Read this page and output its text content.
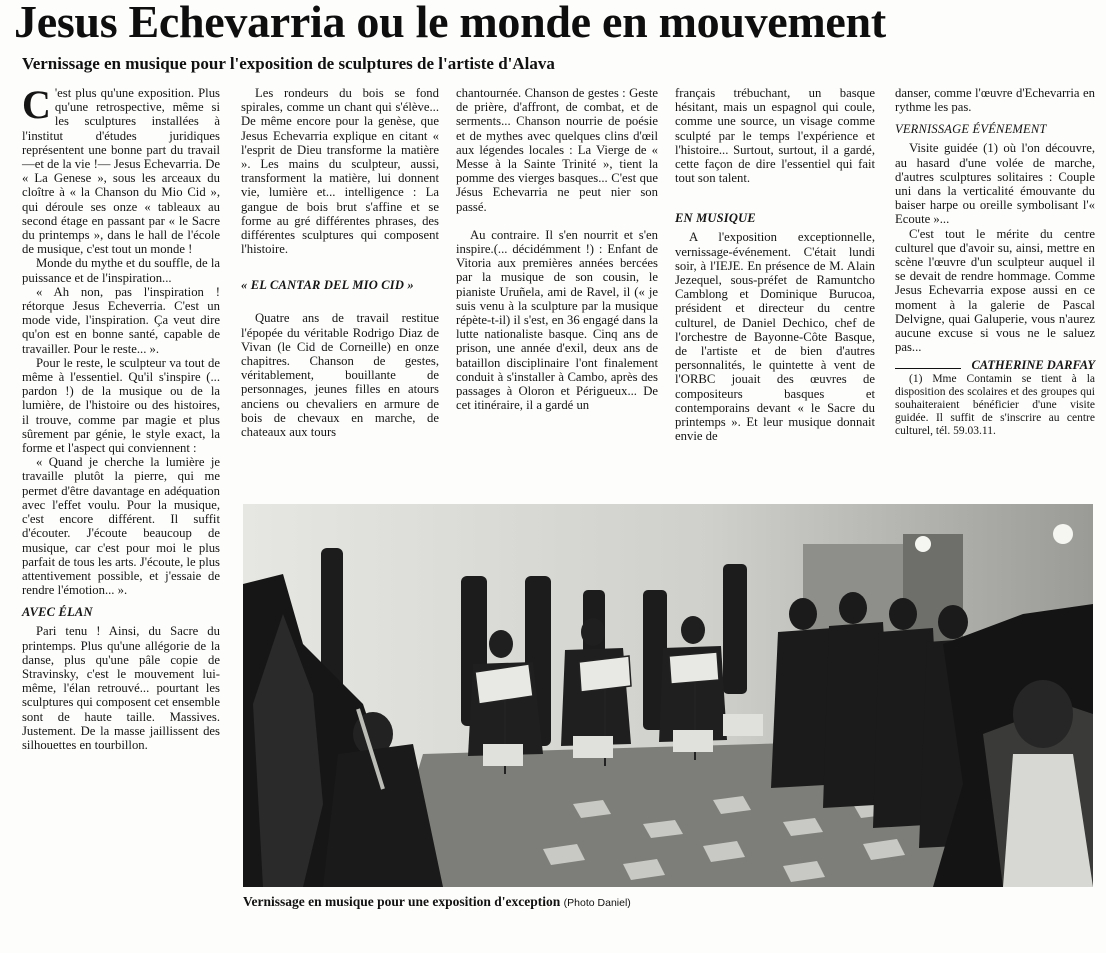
Jesus Echevarria ou le monde en mouvement
Vernissage en musique pour l'exposition de sculptures de l'artiste d'Alava

C 'est plus qu'une exposition. Plus qu'une retrospective, même si les sculptures installées à l'institut d'études juridiques représentent une bonne part du travail —et de la vie !— Jesus Echevarria. De « La Genese », sous les arceaux du cloître à « la Chanson du Mio Cid », qui déroule ses onze « tableaux au second étage en passant par « le Sacre du printemps », dans le hall de l'école de musique, c'est tout un monde !

Monde du mythe et du souffle, de la puissance et de l'inspiration...

« Ah non, pas l'inspiration ! rétorque Jesus Echeverria. C'est un mode vide, l'inspiration. Ça veut dire qu'on est en bonne santé, capable de travailler. Pour le reste... ».

Pour le reste, le sculpteur va tout de même à l'essentiel. Qu'il s'inspire (... pardon !) de la musique ou de la lumière, de l'histoire ou des histoires, il trouve, comme par magie et plus sûrement par génie, le style exact, la forme et l'aspect qui conviennent :

« Quand je cherche la lumière je travaille plutôt la pierre, qui me permet d'être davantage en adéquation avec l'effet voulu. Pour la musique, c'est encore différent. Il suffit d'écouter. J'écoute beaucoup de musique, car c'est pour moi le plus parfait de tous les arts. J'écoute, le plus attentivement possible, et j'essaie de rendre l'émotion... ».

AVEC ÉLAN

Pari tenu ! Ainsi, du Sacre du printemps. Plus qu'une allégorie de la danse, plus qu'une pâle copie de Stravinsky, c'est le mouvement lui-même, l'élan retrouvé... pourtant les sculptures qui composent cet ensemble sont de haute taille. Massives. Justement. De la masse jaillissent des silhouettes en tourbillon.

Les rondeurs du bois se fond spirales, comme un chant qui s'élève... De même encore pour la genèse, que Jesus Echevarria explique en citant « l'esprit de Dieu transforme la matière ». Les mains du sculpteur, aussi, transforment la matière, lui donnent vie, lumière et... intelligence : La gangue de bois brut s'affine et se forme au gré différentes phrases, des différentes sculptures qui composent l'histoire.

« EL CANTAR DEL MIO CID »

Quatre ans de travail restitue l'épopée du véritable Rodrigo Diaz de Vivan (le Cid de Corneille) en onze chapitres. Chanson de gestes, véritablement, bouillante de personnages, jeunes filles en atours anciens ou chevaliers en armure de bois de chevaux en marche, de chateaux aux tours

chantournée. Chanson de gestes : Geste de prière, d'affront, de combat, et de serments... Chanson nourrie de poésie et de mythes avec quelques clins d'œil aux légendes locales : La Vierge de « Messe à la Sainte Trinité », tient la pomme des vierges basques... C'est que Jésus Echevarria ne peut nier son passé.

Au contraire. Il s'en nourrit et s'en inspire.(... décidémment !) : Enfant de Vitoria aux premières années bercées par la musique de son cousin, le pianiste Uruñela, ami de Ravel, il (« je suis venu à la sculpture par la musique répète-t-il) il s'est, en 36 engagé dans la lutte nationaliste basque. Cinq ans de prison, une année d'exil, deux ans de bataillon disciplinaire l'ont finalement conduit à s'installer à Cambo, après des passages à Oloron et Périgueux... De cet itinéraire, il a gardé un

français trébuchant, un basque hésitant, mais un espagnol qui coule, comme une source, un visage comme sculpté par le temps l'expérience et l'histoire... Surtout, surtout, il a gardé, cette façon de dire l'essentiel qui fait tout son talent.

EN MUSIQUE

A l'exposition exceptionnelle, vernissage-événement. C'était lundi soir, à l'IEJE. En présence de M. Alain Jezequel, sous-préfet de Ramuntcho Camblong et Dominique Burucoa, président et directeur du centre culturel, de Daniel Dechico, chef de l'orchestre de Bayonne-Côte Basque, de l'artiste et de bien d'autres personnalités, le quintette à vent de l'ORBC jouait des œuvres de compositeurs basques et contemporains devant « le Sacre du printemps ». Et leur musique donnait envie de

danser, comme l'œuvre d'Echevarria en rythme les pas.

VERNISSAGE ÉVÉNEMENT

Visite guidée (1) où l'on découvre, au hasard d'une volée de marche, d'autres sculptures solitaires : Couple uni dans la verticalité émouvante du baiser harpe ou oreille symbolisant l'« Ecoute »...

C'est tout le mérite du centre culturel que d'avoir su, ainsi, mettre en scène l'œuvre d'un sculpteur auquel il se devait de rendre hommage. Comme Jesus Echevarria expose aussi en ce moment à la galerie de Pascal Delvigne, quai Galuperie, vous n'aurez aucune excuse si vous ne le saluez pas...

CATHERINE DARFAY

(1) Mme Contamin se tient à la disposition des scolaires et des groupes qui souhaiteraient bénéficier d'une visite guidée. Il suffit de s'inscrire au centre culturel, tél. 59.03.11.

Vernissage en musique pour une exposition d'exception (Photo Daniel)
